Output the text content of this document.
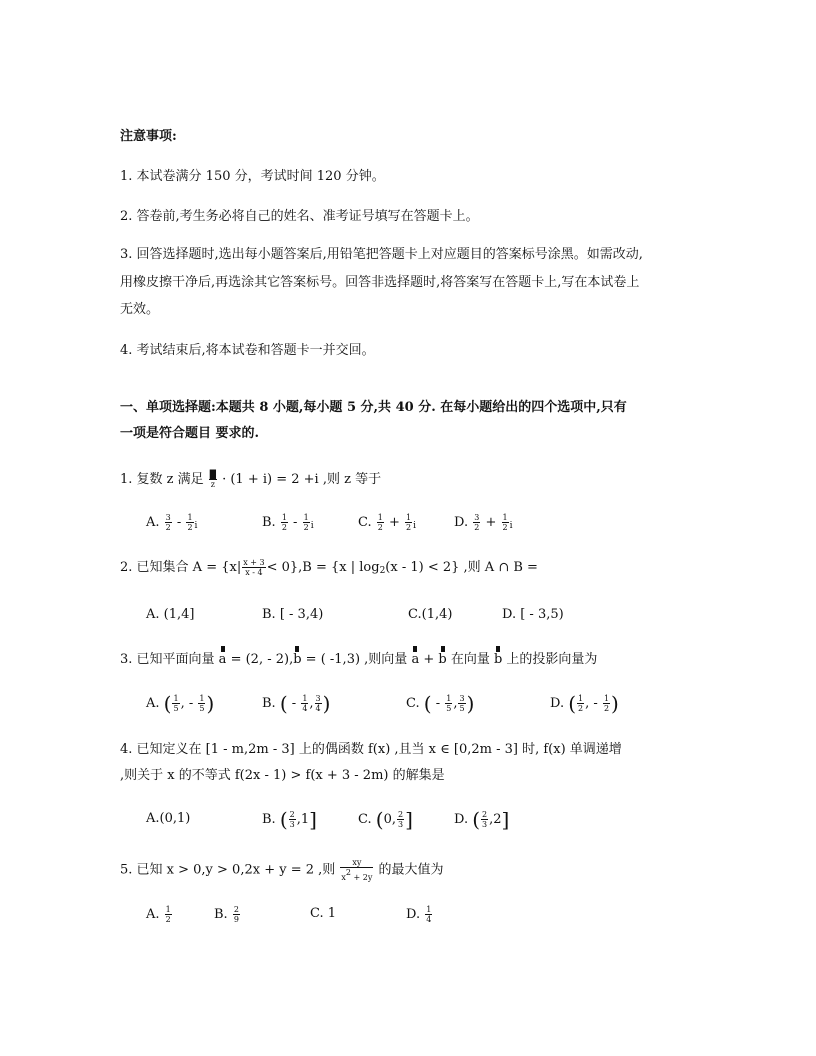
注意事项:
1. 本试卷满分 150 分，考试时间 120 分钟。
2. 答卷前,考生务必将自己的姓名、准考证号填写在答题卡上。
3. 回答选择题时,选出每小题答案后,用铅笔把答题卡上对应题目的答案标号涂黑。如需改动,
用橡皮擦干净后,再选涂其它答案标号。回答非选择题时,将答案写在答题卡上,写在本试卷上
无效。
4. 考试结束后,将本试卷和答题卡一并交回。
一、单项选择题:本题共 8 小题,每小题 5 分,共 40 分. 在每小题给出的四个选项中,只有
一项是符合题目 要求的.
1. 复数 z 满足 $\frac{█}{z} \cdot (1 + i) = 2 +i$ ,则 z 等于
A. $\frac{3}{2} - \frac{1}{2} _i$	B. $\frac{1}{2} - \frac{1}{2} _i$	C. $\frac{1}{2} + \frac{1}{2} _i$	D. $\frac{3}{2} + \frac{1}{2} _i$
2. 已知集合 $A = \{x| \frac{x + 3}{x - 4} < 0\},B = \{x$ | $\log_2(x - 1) < 2$} ,则 A ∩ B =
A. (1,4]	B. [ - 3,4)	C.(1,4)	D. [ - 3,5)
3. 已知平面向量 a = (2, - 2),b = ( -1,3) ,则向量 a + b 在向量 b 上的投影向量为
A. ( $\frac{1}{5}$ , - $\frac{1}{5}$ )	B. ( - $\frac{1}{4}$ , $\frac{3}{4}$ )	C. ( - $\frac{1}{5}$ , $\frac{3}{5}$ )	D. ( $\frac{1}{2}$ , - $\frac{1}{2}$ )
4. 已知定义在 [1 - m,2m - 3] 上的偶函数 f(x) ,且当 x ∈ [0,2m - 3] 时, f(x) 单调递增
,则关于 x 的不等式 f(2x - 1) > f(x + 3 - 2m) 的解集是
A.(0,1)	B. ( $\frac{2}{3} ,1$]	C. (0, $\frac{2}{3}$ ]	D. ( $\frac{2}{3} ,2$]
5. 已知 x > 0,y > 0,2x + y = 2 ,则 $\frac{xy}{x2 + 2y}$ 的最大值为
A. $\frac{1}{2}$	B. $\frac{2}{9}$	C. 1	D. $\frac{1}{4}$
